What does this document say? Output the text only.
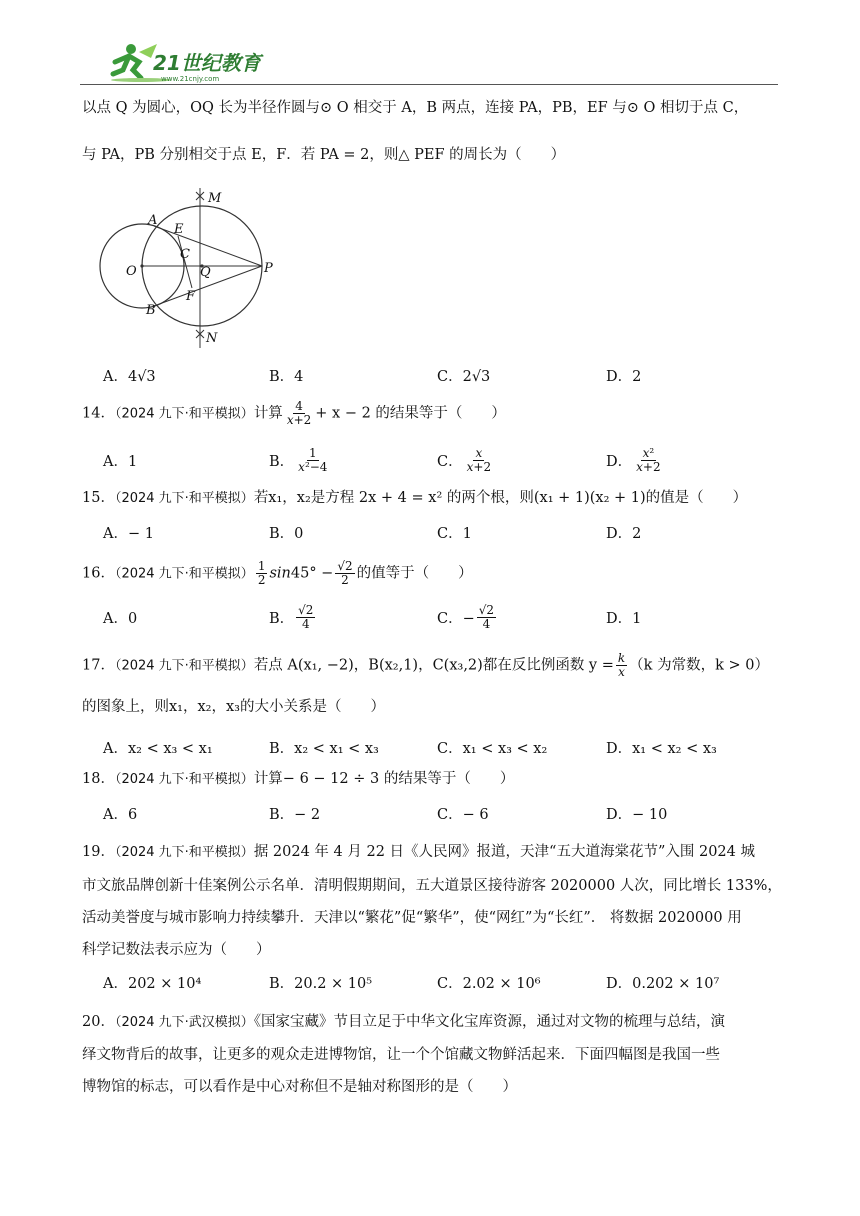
21世纪教育
www.21cnjy.com
以点 Q 为圆心，OQ 长为半径作圆与⊙ O 相交于 A，B 两点，连接 PA，PB，EF 与⊙ O 相切于点 C，
与 PA，PB 分别相交于点 E，F．若 PA = 2，则△ PEF 的周长为（　　）
M
A
E
C
O	Q	P
F
B
N
A．4√3	B．4	C．2√3	D．2
14．（2024 九下·和平模拟）计算 $\frac{4}{x+2} + x - 2$ 的结果等于（　　）
A．1	B． $\frac{1}{\text{x²−4}}$	C． $\frac{x}{x+2}$	D． $\frac{\text{x²}}{x+2}$
15．（2024 九下·和平模拟）若x₁，x₂是方程 2x + 4 = x² 的两个根，则(x₁ + 1)(x₂ + 1)的值是（　　）
A．− 1	B．0	C．1	D．2
16．（2024 九下·和平模拟） $\frac{1}{2} \sin 45^\circ - \frac{√2}{2}$ 的值等于（　　）
A．0	B． $\frac{√2}{4}$	C．− $\frac{√2}{4}$	D．1
17．（2024 九下·和平模拟）若点 A(x₁, −2)，B(x₂,1)，C(x₃,2)都在反比例函数 $y = \frac{k}{x} (k$ 为常数，k > 0）
的图象上，则x₁，x₂，x₃的大小关系是（　　）
A．x₂ < x₃ < x₁	B．x₂ < x₁ < x₃	C．x₁ < x₃ < x₂	D．x₁ < x₂ < x₃
18．（2024 九下·和平模拟）计算− 6 − 12 ÷ 3 的结果等于（　　）
A．6	B．− 2	C．− 6	D．− 10
19．（2024 九下·和平模拟）据 2024 年 4 月 22 日《人民网》报道，天津“五大道海棠花节”入围 2024 城
市文旅品牌创新十佳案例公示名单．清明假期期间，五大道景区接待游客 2020000 人次，同比增长 133%，
活动美誉度与城市影响力持续攀升．天津以“繁花”促“繁华”，使“网红”为“长红”． 将数据 2020000 用
科学记数法表示应为（　　）
A．202 × 10⁴	B．20.2 × 10⁵	C．2.02 × 10⁶	D．0.202 × 10⁷
20．（2024 九下·武汉模拟）《国家宝藏》节目立足于中华文化宝库资源，通过对文物的梳理与总结，演
绎文物背后的故事，让更多的观众走进博物馆，让一个个馆藏文物鲜活起来．下面四幅图是我国一些
博物馆的标志，可以看作是中心对称但不是轴对称图形的是（　　）
